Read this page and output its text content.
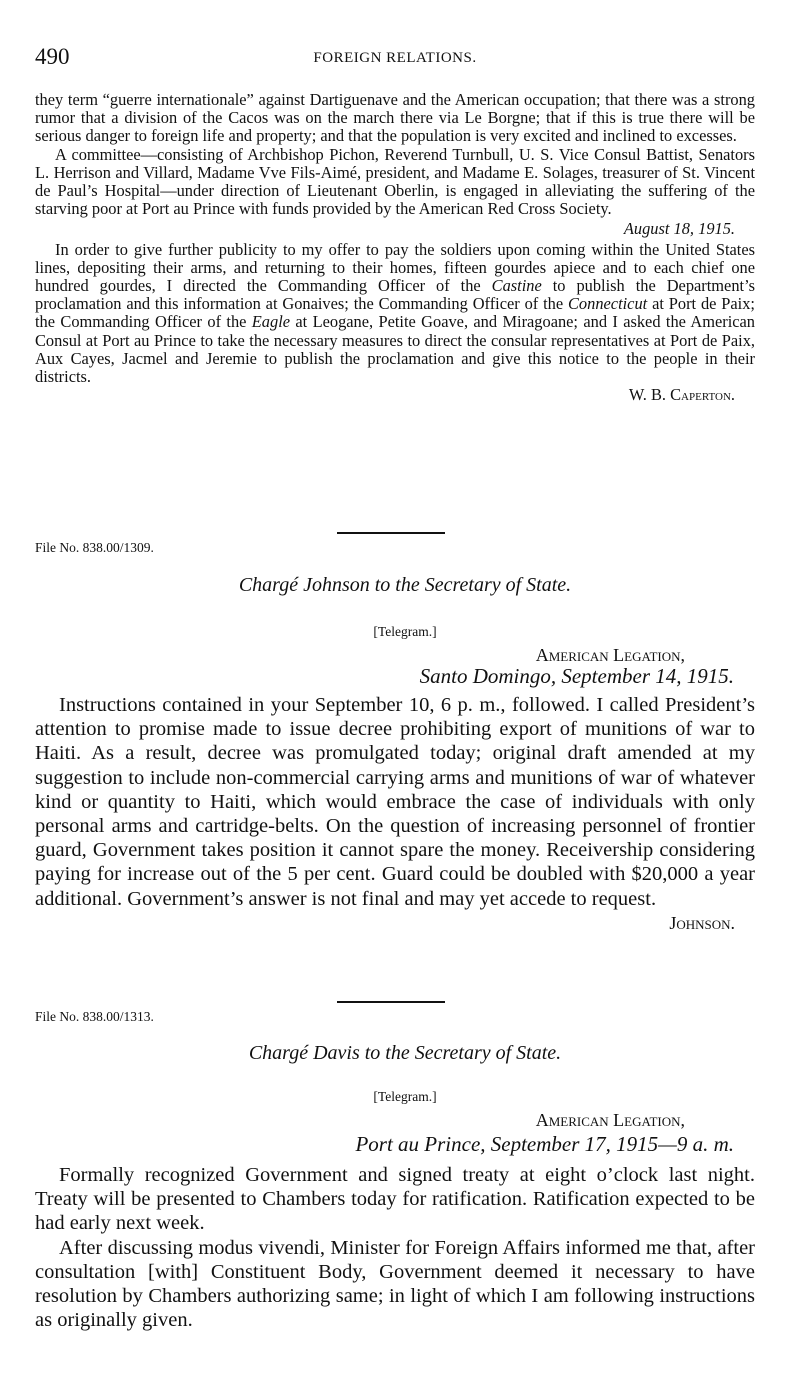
490	FOREIGN RELATIONS.

they term “guerre internationale” against Dartiguenave and the American occupation; that there was a strong rumor that a division of the Cacos was on the march there via Le Borgne; that if this is true there will be serious danger to foreign life and property; and that the population is very excited and inclined to excesses.

A committee—consisting of Archbishop Pichon, Reverend Turnbull, U. S. Vice Consul Battist, Senators L. Herrison and Villard, Madame Vve Fils-Aimé, president, and Madame E. Solages, treasurer of St. Vincent de Paul’s Hospital—under direction of Lieutenant Oberlin, is engaged in alleviating the suffering of the starving poor at Port au Prince with funds provided by the American Red Cross Society.

August 18, 1915.

In order to give further publicity to my offer to pay the soldiers upon coming within the United States lines, depositing their arms, and returning to their homes, fifteen gourdes apiece and to each chief one hundred gourdes, I directed the Commanding Officer of the Castine to publish the Department’s proclamation and this information at Gonaives; the Commanding Officer of the Connecticut at Port de Paix; the Commanding Officer of the Eagle at Leogane, Petite Goave, and Miragoane; and I asked the American Consul at Port au Prince to take the necessary measures to direct the consular representatives at Port de Paix, Aux Cayes, Jacmel and Jeremie to publish the proclamation and give this notice to the people in their districts.

W. B. Caperton.

File No. 838.00/1309.
Chargé Johnson to the Secretary of State.
[Telegram.]
American Legation,
Santo Domingo, September 14, 1915.

Instructions contained in your September 10, 6 p. m., followed. I called President’s attention to promise made to issue decree prohibiting export of munitions of war to Haiti. As a result, decree was promulgated today; original draft amended at my suggestion to include non-commercial carrying arms and munitions of war of whatever kind or quantity to Haiti, which would embrace the case of individuals with only personal arms and cartridge-belts. On the question of increasing personnel of frontier guard, Government takes position it cannot spare the money. Receivership considering paying for increase out of the 5 per cent. Guard could be doubled with $20,000 a year additional. Government’s answer is not final and may yet accede to request.

Johnson.

File No. 838.00/1313.
Chargé Davis to the Secretary of State.
[Telegram.]
American Legation,
Port au Prince, September 17, 1915—9 a. m.

Formally recognized Government and signed treaty at eight o’clock last night. Treaty will be presented to Chambers today for ratification. Ratification expected to be had early next week.

After discussing modus vivendi, Minister for Foreign Affairs informed me that, after consultation [with] Constituent Body, Government deemed it necessary to have resolution by Chambers authorizing same; in light of which I am following instructions as originally given.
